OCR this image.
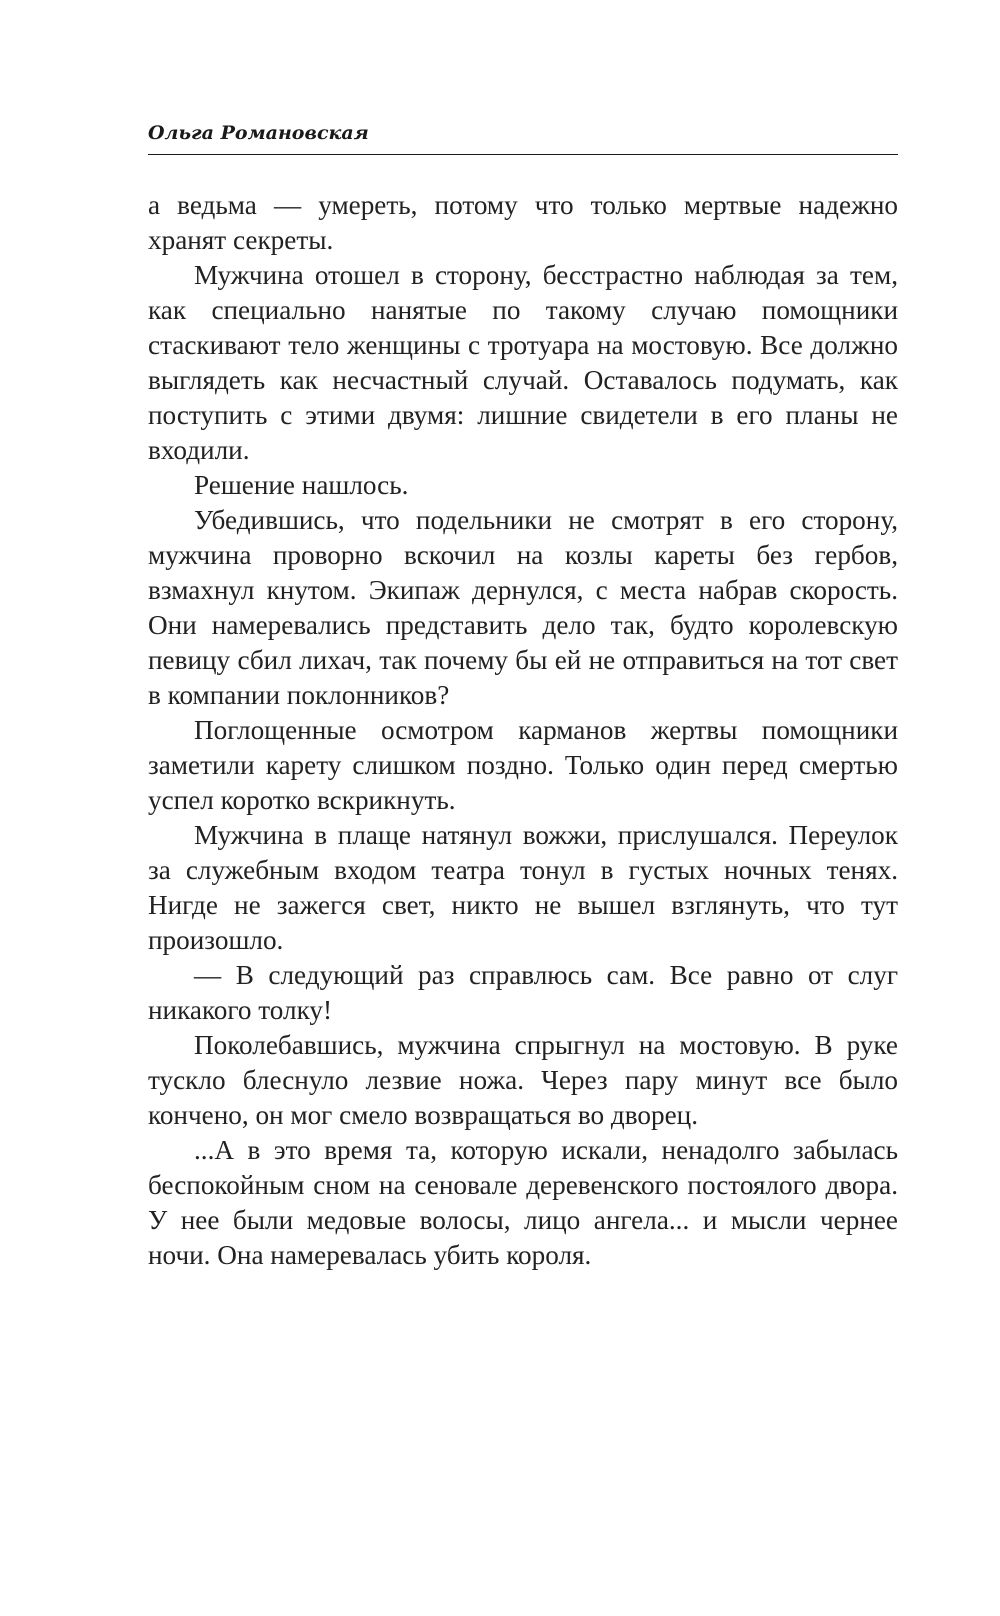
Ольга Романовская

а ведьма — умереть, потому что только мертвые надежно хранят секреты.

Мужчина отошел в сторону, бесстрастно наблюдая за тем, как специально нанятые по такому случаю помощники стаскивают тело женщины с тротуара на мостовую. Все должно выглядеть как несчастный случай. Оставалось подумать, как поступить с этими двумя: лишние свидетели в его планы не входили.

Решение нашлось.

Убедившись, что подельники не смотрят в его сторону, мужчина проворно вскочил на козлы кареты без гербов, взмахнул кнутом. Экипаж дернулся, с места набрав скорость. Они намеревались представить дело так, будто королевскую певицу сбил лихач, так почему бы ей не отправиться на тот свет в компании поклонников?

Поглощенные осмотром карманов жертвы помощники заметили карету слишком поздно. Только один перед смертью успел коротко вскрикнуть.

Мужчина в плаще натянул вожжи, прислушался. Переулок за служебным входом театра тонул в густых ночных тенях. Нигде не зажегся свет, никто не вышел взглянуть, что тут произошло.

— В следующий раз справлюсь сам. Все равно от слуг никакого толку!

Поколебавшись, мужчина спрыгнул на мостовую. В руке тускло блеснуло лезвие ножа. Через пару минут все было кончено, он мог смело возвращаться во дворец.

...А в это время та, которую искали, ненадолго забылась беспокойным сном на сеновале деревенского постоялого двора. У нее были медовые волосы, лицо ангела... и мысли чернее ночи. Она намеревалась убить короля.
